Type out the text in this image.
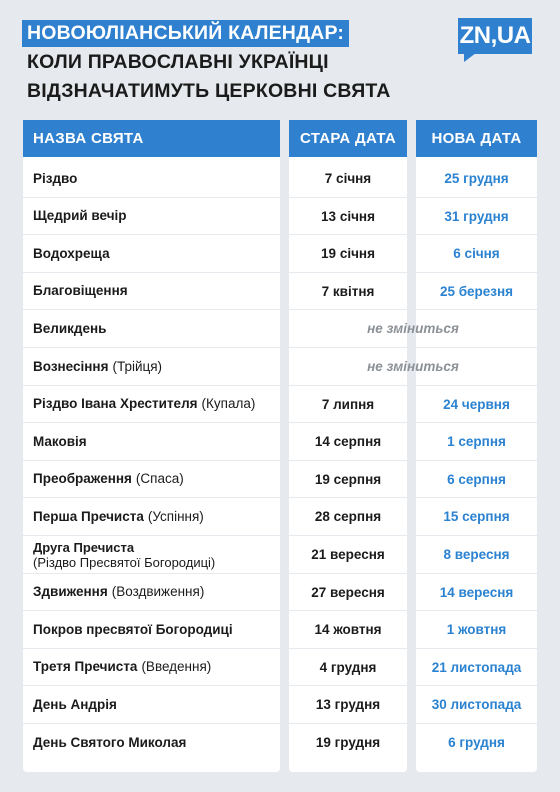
НОВОЮЛІАНСЬКИЙ КАЛЕНДАР:
КОЛИ ПРАВОСЛАВНІ УКРАЇНЦІ
ВІДЗНАЧАТИМУТЬ ЦЕРКОВНІ СВЯТА
ZN,UA
НАЗВА СВЯТА	СТАРА ДАТА	НОВА ДАТА
Різдво	7 січня	25 грудня
Щедрий вечір	13 січня	31 грудня
Водохреща	19 січня	6 січня
Благовіщення	7 квітня	25 березня
Великдень	не зміниться
Вознесіння (Трійця)	не зміниться
Різдво Івана Хрестителя (Купала)	7 липня	24 червня
Маковія	14 серпня	1 серпня
Преображення (Спаса)	19 серпня	6 серпня
Перша Пречиста (Успіння)	28 серпня	15 серпня
Друга Пречиста
(Різдво Пресвятої Богородиці)	21 вересня	8 вересня
Здвиження (Воздвиження)	27 вересня	14 вересня
Покров пресвятої Богородиці	14 жовтня	1 жовтня
Третя Пречиста (Введення)	4 грудня	21 листопада
День Андрія	13 грудня	30 листопада
День Святого Миколая	19 грудня	6 грудня
